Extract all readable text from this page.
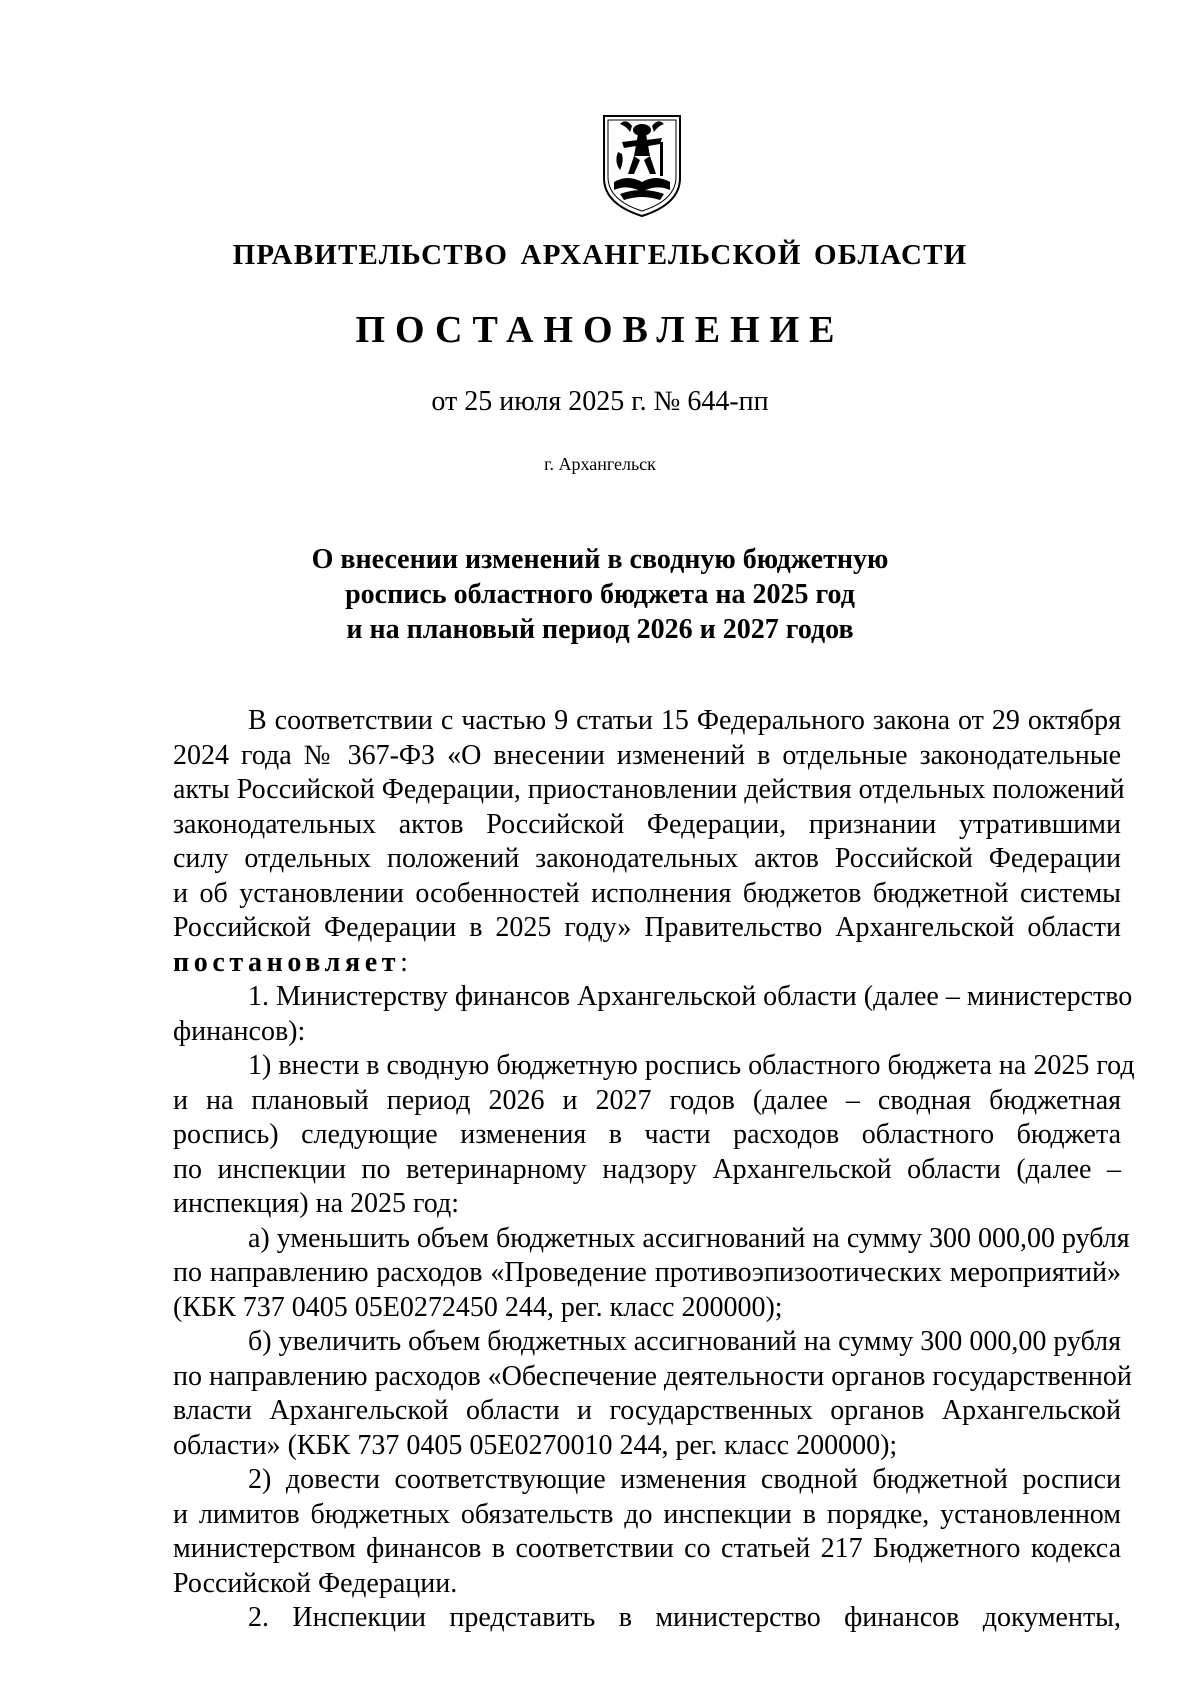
ПРАВИТЕЛЬСТВО АРХАНГЕЛЬСКОЙ ОБЛАСТИ
ПОСТАНОВЛЕНИЕ
от 25 июля 2025 г. № 644-пп
г. Архангельск
О внесении изменений в сводную бюджетную
роспись областного бюджета на 2025 год
и на плановый период 2026 и 2027 годов
В соответствии с частью 9 статьи 15 Федерального закона от 29 октября
2024 года № 367-ФЗ «О внесении изменений в отдельные законодательные
акты Российской Федерации, приостановлении действия отдельных положений
законодательных актов Российской Федерации, признании утратившими
силу отдельных положений законодательных актов Российской Федерации
и об установлении особенностей исполнения бюджетов бюджетной системы
Российской Федерации в 2025 году» Правительство Архангельской области
постановляет:
1. Министерству финансов Архангельской области (далее – министерство
финансов):
1) внести в сводную бюджетную роспись областного бюджета на 2025 год
и на плановый период 2026 и 2027 годов (далее – сводная бюджетная
роспись) следующие изменения в части расходов областного бюджета
по инспекции по ветеринарному надзору Архангельской области (далее –
инспекция) на 2025 год:
а) уменьшить объем бюджетных ассигнований на сумму 300 000,00 рубля
по направлению расходов «Проведение противоэпизоотических мероприятий»
(КБК 737 0405 05Е0272450 244, рег. класс 200000);
б) увеличить объем бюджетных ассигнований на сумму 300 000,00 рубля
по направлению расходов «Обеспечение деятельности органов государственной
власти Архангельской области и государственных органов Архангельской
области» (КБК 737 0405 05Е0270010 244, рег. класс 200000);
2) довести соответствующие изменения сводной бюджетной росписи
и лимитов бюджетных обязательств до инспекции в порядке, установленном
министерством финансов в соответствии со статьей 217 Бюджетного кодекса
Российской Федерации.
2. Инспекции представить в министерство финансов документы,
